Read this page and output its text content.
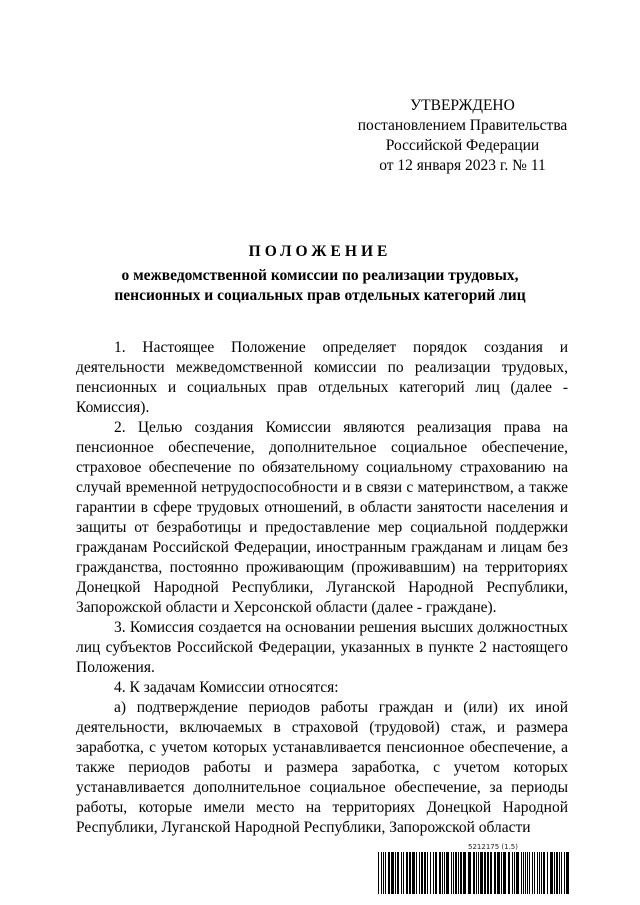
УТВЕРЖДЕНО
постановлением Правительства
Российской Федерации
от 12 января 2023 г. № 11
ПОЛОЖЕНИЕ
о межведомственной комиссии по реализации трудовых,
пенсионных и социальных прав отдельных категорий лиц

1. Настоящее Положение определяет порядок создания и деятельности межведомственной комиссии по реализации трудовых, пенсионных и социальных прав отдельных категорий лиц (далее - Комиссия).

2. Целью создания Комиссии являются реализация права на пенсионное обеспечение, дополнительное социальное обеспечение, страховое обеспечение по обязательному социальному страхованию на случай временной нетрудоспособности и в связи с материнством, а также гарантии в сфере трудовых отношений, в области занятости населения и защиты от безработицы и предоставление мер социальной поддержки гражданам Российской Федерации, иностранным гражданам и лицам без гражданства, постоянно проживающим (проживавшим) на территориях Донецкой Народной Республики, Луганской Народной Республики, Запорожской области и Херсонской области (далее - граждане).

3. Комиссия создается на основании решения высших должностных лиц субъектов Российской Федерации, указанных в пункте 2 настоящего Положения.

4. К задачам Комиссии относятся:

а) подтверждение периодов работы граждан и (или) их иной деятельности, включаемых в страховой (трудовой) стаж, и размера заработка, с учетом которых устанавливается пенсионное обеспечение, а также периодов работы и размера заработка, с учетом которых устанавливается дополнительное социальное обеспечение, за периоды работы, которые имели место на территориях Донецкой Народной Республики, Луганской Народной Республики, Запорожской области

5212175 (1.5)
